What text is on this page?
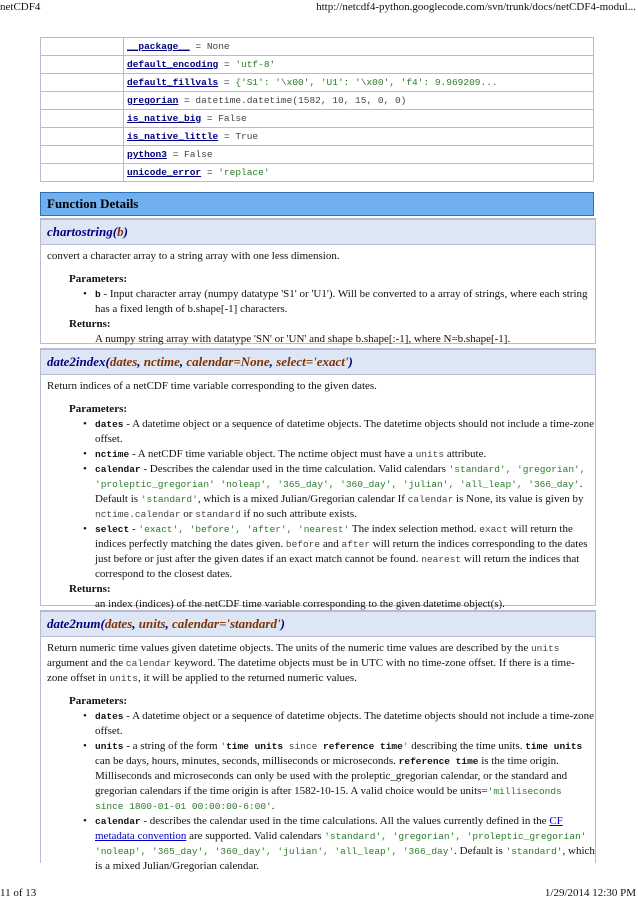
netCDF4	http://netcdf4-python.googlecode.com/svn/trunk/docs/netCDF4-modul...
	__package__ = None
	default_encoding = 'utf-8'
	default_fillvals = {'S1': '\x00', 'U1': '\x00', 'f4': 9.969209...
	gregorian = datetime.datetime(1582, 10, 15, 0, 0)
	is_native_big = False
	is_native_little = True
	python3 = False
	unicode_error = 'replace'
Function Details
chartostring(b)
convert a character array to a string array with one less dimension.
Parameters:
• b - Input character array (numpy datatype 'S1' or 'U1'). Will be converted to a array of strings, where each string has a fixed length of b.shape[-1] characters.
Returns:
A numpy string array with datatype 'SN' or 'UN' and shape b.shape[:-1], where N=b.shape[-1].
date2index(dates, nctime, calendar=None, select='exact')
Return indices of a netCDF time variable corresponding to the given dates.
Parameters:
• dates - A datetime object or a sequence of datetime objects. The datetime objects should not include a time-zone offset.
• nctime - A netCDF time variable object. The nctime object must have a units attribute.
• calendar - Describes the calendar used in the time calculation. Valid calendars 'standard', 'gregorian', 'proleptic_gregorian' 'noleap', '365_day', '360_day', 'julian', 'all_leap', '366_day'. Default is 'standard', which is a mixed Julian/Gregorian calendar If calendar is None, its value is given by nctime.calendar or standard if no such attribute exists.
• select - 'exact', 'before', 'after', 'nearest' The index selection method. exact will return the indices perfectly matching the dates given. before and after will return the indices corresponding to the dates just before or just after the given dates if an exact match cannot be found. nearest will return the indices that correspond to the closest dates.
Returns:
an index (indices) of the netCDF time variable corresponding to the given datetime object(s).
date2num(dates, units, calendar='standard')
Return numeric time values given datetime objects. The units of the numeric time values are described by the units argument and the calendar keyword. The datetime objects must be in UTC with no time-zone offset. If there is a time-zone offset in units, it will be applied to the returned numeric values.
Parameters:
• dates - A datetime object or a sequence of datetime objects. The datetime objects should not include a time-zone offset.
• units - a string of the form 'time units since reference time' describing the time units. time units can be days, hours, minutes, seconds, milliseconds or microseconds. reference time is the time origin. Milliseconds and microseconds can only be used with the proleptic_gregorian calendar, or the standard and gregorian calendars if the time origin is after 1582-10-15. A valid choice would be units='milliseconds since 1800-01-01 00:00:00-6:00'.
• calendar - describes the calendar used in the time calculations. All the values currently defined in the CF metadata convention are supported. Valid calendars 'standard', 'gregorian', 'proleptic_gregorian' 'noleap', '365_day', '360_day', 'julian', 'all_leap', '366_day'. Default is 'standard', which is a mixed Julian/Gregorian calendar.
11 of 13	1/29/2014 12:30 PM
